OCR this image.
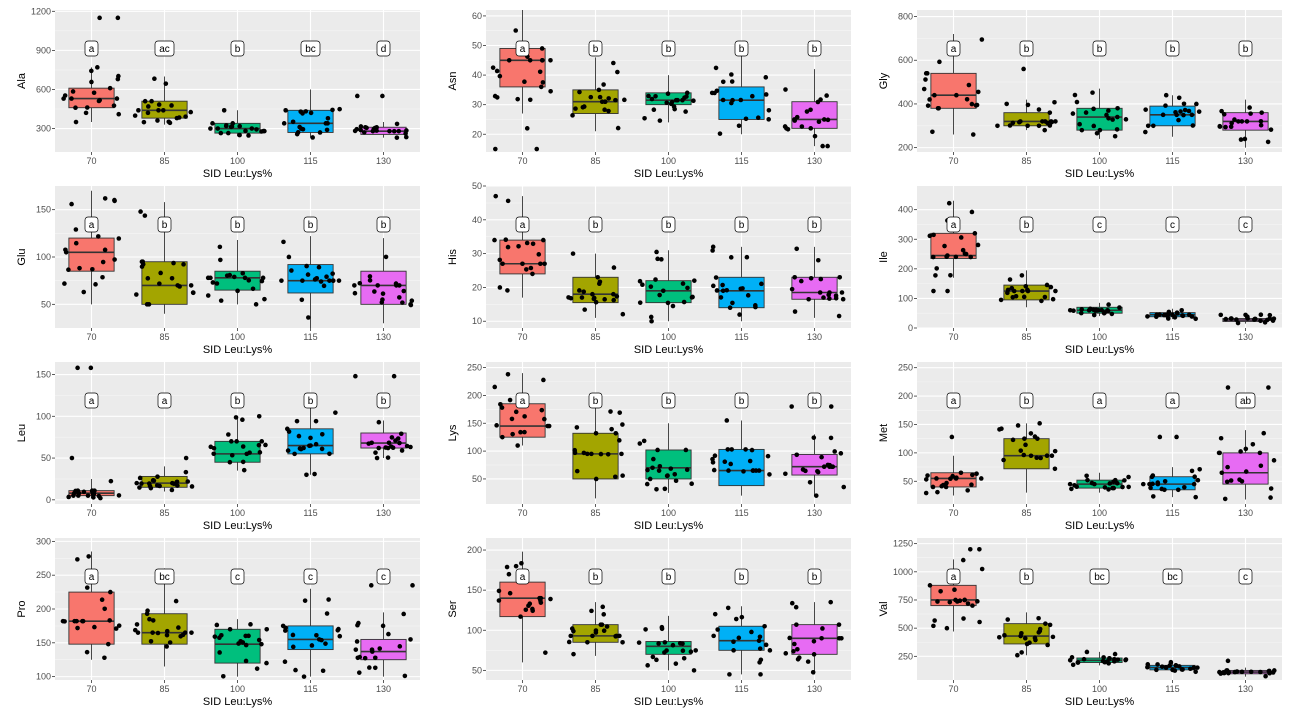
300
600
900
1200
a	ac	b	bc	d
70	85	100	115	130
SID Leu:Lys%
Ala
20
30
40
50
60
a	b	b	b	b
70	85	100	115	130
SID Leu:Lys%
Asn
200
400
600
800
a	b	b	b	b
70	85	100	115	130
SID Leu:Lys%
Gly
50
100
150
a	b	b	b	b
70	85	100	115	130
SID Leu:Lys%
Glu
10
20
30
40
50
a	b	b	b	b
70	85	100	115	130
SID Leu:Lys%
His
0
100
200
300
400
a	b	c	c	c
70	85	100	115	130
SID Leu:Lys%
Ile
0
50
100
150
a	a	b	b	b
70	85	100	115	130
SID Leu:Lys%
Leu
50
100
150
200
250
a	b	b	b	b
70	85	100	115	130
SID Leu:Lys%
Lys
50
100
150
200
250
a	b	a	a	ab
70	85	100	115	130
SID Leu:Lys%
Met
100
150
200
250
300
a	bc	c	c	c
70	85	100	115	130
SID Leu:Lys%
Pro
50
100
150
200
a	b	b	b	b
70	85	100	115	130
SID Leu:Lys%
Ser
250
500
750
1000
1250
a	b	bc	bc	c
70	85	100	115	130
SID Leu:Lys%
Val
